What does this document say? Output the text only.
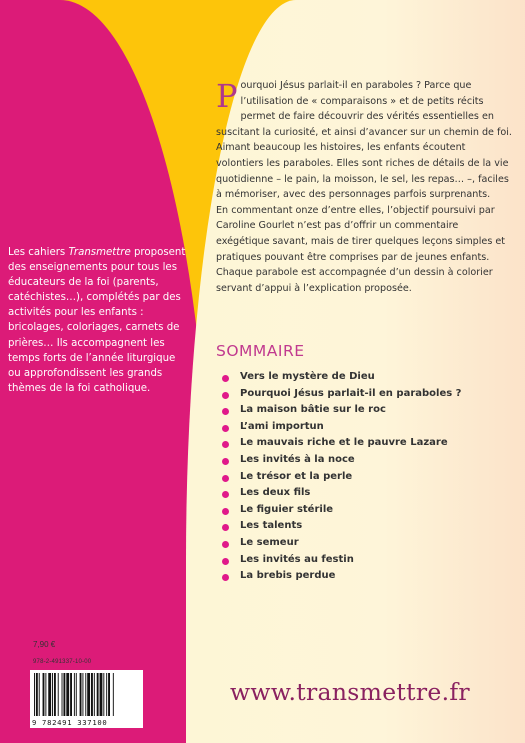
Les cahiers Transmettre proposent des enseignements pour tous les éducateurs de la foi (parents, catéchistes…), complétés par des activités pour les enfants : bricolages, coloriages, carnets de prières… Ils accompagnent les temps forts de l’année liturgique ou approfondissent les grands thèmes de la foi catholique.
7,90 €
978-2-491337-10-00
9 782491 337100
P ourquoi Jésus parlait-il en paraboles ? Parce que l’utilisation de « comparaisons » et de petits récits permet de faire découvrir des vérités essentielles en suscitant la curiosité, et ainsi d’avancer sur un chemin de foi.

Aimant beaucoup les histoires, les enfants écoutent volontiers les paraboles. Elles sont riches de détails de la vie quotidienne – le pain, la moisson, le sel, les repas… –, faciles à mémoriser, avec des personnages parfois surprenants.

En commentant onze d’entre elles, l’objectif poursuivi par Caroline Gourlet n’est pas d’offrir un commentaire exégétique savant, mais de tirer quelques leçons simples et pratiques pouvant être comprises par de jeunes enfants.

Chaque parabole est accompagnée d’un dessin à colorier servant d’appui à l’explication proposée.

SOMMAIRE
Vers le mystère de Dieu
Pourquoi Jésus parlait-il en paraboles ?
La maison bâtie sur le roc
L’ami importun
Le mauvais riche et le pauvre Lazare
Les invités à la noce
Le trésor et la perle
Les deux fils
Le figuier stérile
Les talents
Le semeur
Les invités au festin
La brebis perdue
www.transmettre.fr
